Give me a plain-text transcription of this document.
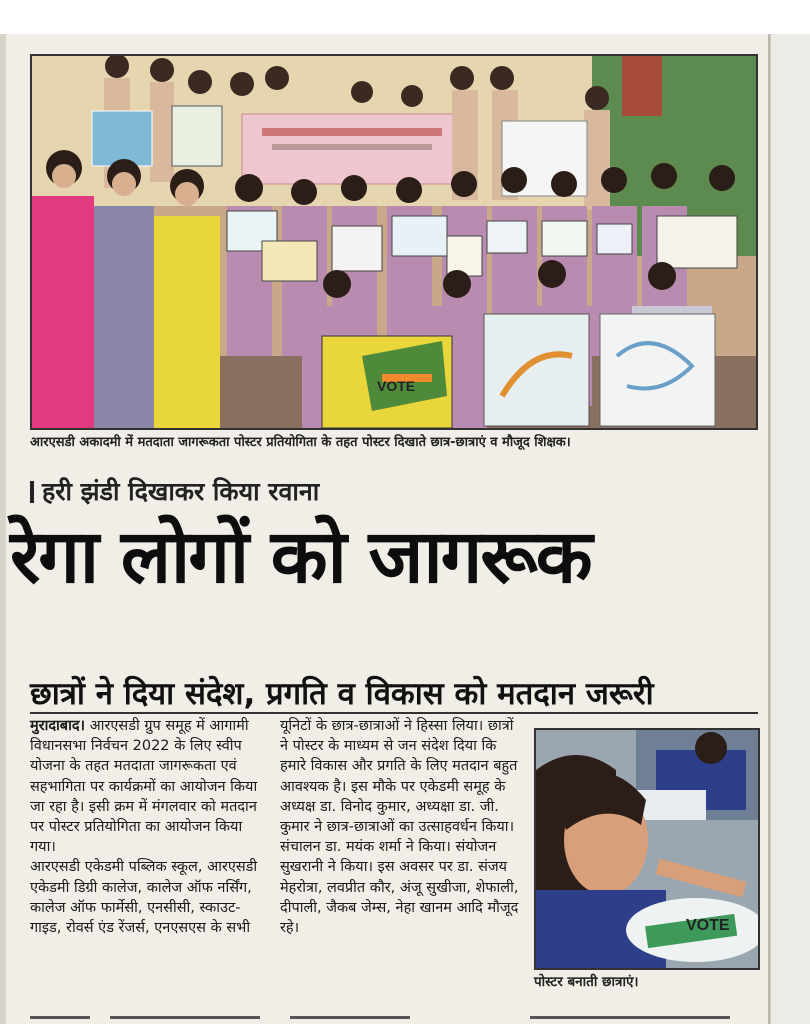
VOTE
आरएसडी अकादमी में मतदाता जागरूकता पोस्टर प्रतियोगिता के तहत पोस्टर दिखाते छात्र-छात्राएं व मौजूद शिक्षक।
हरी झंडी दिखाकर किया रवाना
रेगा लोगों को जागरूक
छात्रों ने दिया संदेश, प्रगति व विकास को मतदान जरूरी

मुरादाबाद। आरएसडी ग्रुप समूह में आगामी विधानसभा निर्वचन 2022 के लिए स्वीप योजना के तहत मतदाता जागरूकता एवं सहभागिता पर कार्यक्रमों का आयोजन किया जा रहा है। इसी क्रम में मंगलवार को मतदान पर पोस्टर प्रतियोगिता का आयोजन किया गया।

आरएसडी एकेडमी पब्लिक स्कूल, आरएसडी एकेडमी डिग्री कालेज, कालेज ऑफ नर्सिंग, कालेज ऑफ फार्मेसी, एनसीसी, स्काउट-गाइड, रोवर्स एंड रेंजर्स, एनएसएस के सभी

यूनिटों के छात्र-छात्राओं ने हिस्सा लिया। छात्रों ने पोस्टर के माध्यम से जन संदेश दिया कि हमारे विकास और प्रगति के लिए मतदान बहुत आवश्यक है। इस मौके पर एकेडमी समूह के अध्यक्ष डा. विनोद कुमार, अध्यक्षा डा. जी. कुमार ने छात्र-छात्राओं का उत्साहवर्धन किया। संचालन डा. मयंक शर्मा ने किया। संयोजन सुखरानी ने किया। इस अवसर पर डा. संजय मेहरोत्रा, लवप्रीत कौर, अंजू सुखीजा, शेफाली, दीपाली, जैकब जेम्स, नेहा खानम आदि मौजूद रहे।	VOTE
पोस्टर बनाती छात्राएं।
